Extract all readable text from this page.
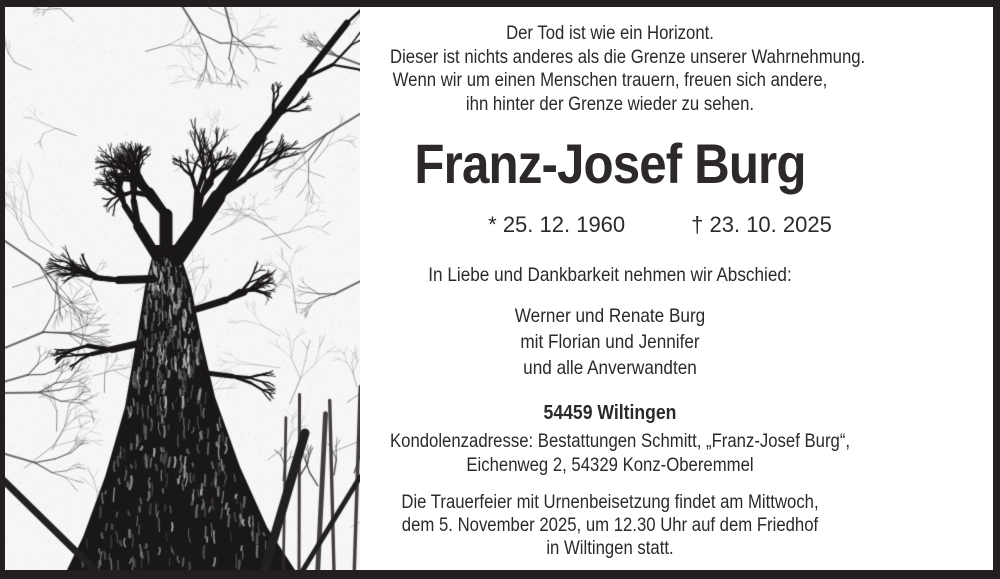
Der Tod ist wie ein Horizont.
Dieser ist nichts anderes als die Grenze unserer Wahrnehmung.
Wenn wir um einen Menschen trauern, freuen sich andere,
ihn hinter der Grenze wieder zu sehen.
Franz-Josef Burg
* 25. 12. 1960	† 23. 10. 2025
In Liebe und Dankbarkeit nehmen wir Abschied:
Werner und Renate Burg
mit Florian und Jennifer
und alle Anverwandten
54459 Wiltingen
Kondolenzadresse: Bestattungen Schmitt, „Franz-Josef Burg“,
Eichenweg 2, 54329 Konz-Oberemmel
Die Trauerfeier mit Urnenbeisetzung findet am Mittwoch,
dem 5. November 2025, um 12.30 Uhr auf dem Friedhof
in Wiltingen statt.
